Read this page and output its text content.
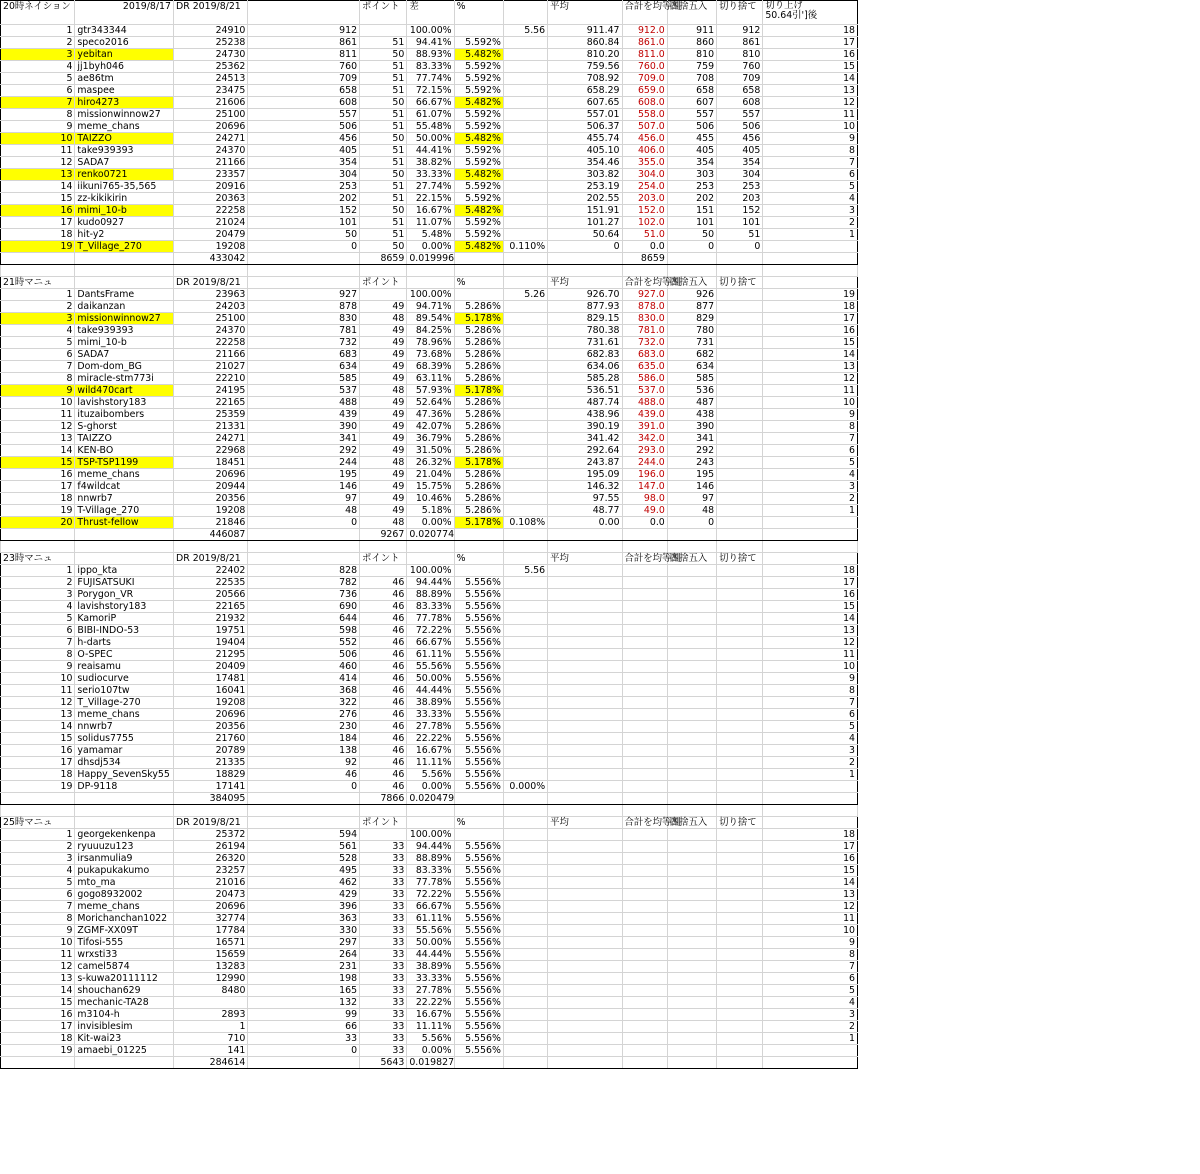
20時ネイション	2019/8/17	DR 2019/8/21		ポイント	差	%		平均	合計を均等割	四捨五入	切り捨て	切り上げ
50.64引']後
1	gtr343344	24910	912		100.00%		5.56	911.47	912.0	911	912	18
2	speco2016	25238	861	51	94.41%	5.592%		860.84	861.0	860	861	17
3	yebitan	24730	811	50	88.93%	5.482%		810.20	811.0	810	810	16
4	jj1byh046	25362	760	51	83.33%	5.592%		759.56	760.0	759	760	15
5	ae86tm	24513	709	51	77.74%	5.592%		708.92	709.0	708	709	14
6	maspee	23475	658	51	72.15%	5.592%		658.29	659.0	658	658	13
7	hiro4273	21606	608	50	66.67%	5.482%		607.65	608.0	607	608	12
8	missionwinnow27	25100	557	51	61.07%	5.592%		557.01	558.0	557	557	11
9	meme_chans	20696	506	51	55.48%	5.592%		506.37	507.0	506	506	10
10	TAIZZO	24271	456	50	50.00%	5.482%		455.74	456.0	455	456	9
11	take939393	24370	405	51	44.41%	5.592%		405.10	406.0	405	405	8
12	SADA7	21166	354	51	38.82%	5.592%		354.46	355.0	354	354	7
13	renko0721	23357	304	50	33.33%	5.482%		303.82	304.0	303	304	6
14	iikuni765-35,565	20916	253	51	27.74%	5.592%		253.19	254.0	253	253	5
15	zz-kikikirin	20363	202	51	22.15%	5.592%		202.55	203.0	202	203	4
16	mimi_10-b	22258	152	50	16.67%	5.482%		151.91	152.0	151	152	3
17	kudo0927	21024	101	51	11.07%	5.592%		101.27	102.0	101	101	2
18	hit-y2	20479	50	51	5.48%	5.592%		50.64	51.0	50	51	1
19	T_Village_270	19208	0	50	0.00%	5.482%	0.110%	0	0.0	0	0	
		433042		8659	0.019996				8659			

21時マニュ		DR 2019/8/21		ポイント		%		平均	合計を均等割	四捨五入	切り捨て	
1	DantsFrame	23963	927		100.00%		5.26	926.70	927.0	926		19
2	daikanzan	24203	878	49	94.71%	5.286%		877.93	878.0	877		18
3	missionwinnow27	25100	830	48	89.54%	5.178%		829.15	830.0	829		17
4	take939393	24370	781	49	84.25%	5.286%		780.38	781.0	780		16
5	mimi_10-b	22258	732	49	78.96%	5.286%		731.61	732.0	731		15
6	SADA7	21166	683	49	73.68%	5.286%		682.83	683.0	682		14
7	Dom-dom_BG	21027	634	49	68.39%	5.286%		634.06	635.0	634		13
8	miracle-stm773i	22210	585	49	63.11%	5.286%		585.28	586.0	585		12
9	wild470cart	24195	537	48	57.93%	5.178%		536.51	537.0	536		11
10	lavishstory183	22165	488	49	52.64%	5.286%		487.74	488.0	487		10
11	ituzaibombers	25359	439	49	47.36%	5.286%		438.96	439.0	438		9
12	S-ghorst	21331	390	49	42.07%	5.286%		390.19	391.0	390		8
13	TAIZZO	24271	341	49	36.79%	5.286%		341.42	342.0	341		7
14	KEN-BO	22968	292	49	31.50%	5.286%		292.64	293.0	292		6
15	TSP-TSP1199	18451	244	48	26.32%	5.178%		243.87	244.0	243		5
16	meme_chans	20696	195	49	21.04%	5.286%		195.09	196.0	195		4
17	f4wildcat	20944	146	49	15.75%	5.286%		146.32	147.0	146		3
18	nnwrb7	20356	97	49	10.46%	5.286%		97.55	98.0	97		2
19	T-Village_270	19208	48	49	5.18%	5.286%		48.77	49.0	48		1
20	Thrust-fellow	21846	0	48	0.00%	5.178%	0.108%	0.00	0.0	0		
		446087		9267	0.020774							

23時マニュ		DR 2019/8/21		ポイント		%		平均	合計を均等割	四捨五入	切り捨て	
1	ippo_kta	22402	828		100.00%		5.56					18
2	FUJISATSUKI	22535	782	46	94.44%	5.556%						17
3	Porygon_VR	20566	736	46	88.89%	5.556%						16
4	lavishstory183	22165	690	46	83.33%	5.556%						15
5	KamoriP	21932	644	46	77.78%	5.556%						14
6	BIBI-INDO-53	19751	598	46	72.22%	5.556%						13
7	h-darts	19404	552	46	66.67%	5.556%						12
8	O-SPEC	21295	506	46	61.11%	5.556%						11
9	reaisamu	20409	460	46	55.56%	5.556%						10
10	sudiocurve	17481	414	46	50.00%	5.556%						9
11	serio107tw	16041	368	46	44.44%	5.556%						8
12	T_Village-270	19208	322	46	38.89%	5.556%						7
13	meme_chans	20696	276	46	33.33%	5.556%						6
14	nnwrb7	20356	230	46	27.78%	5.556%						5
15	solidus7755	21760	184	46	22.22%	5.556%						4
16	yamamar	20789	138	46	16.67%	5.556%						3
17	dhsdj534	21335	92	46	11.11%	5.556%						2
18	Happy_SevenSky55	18829	46	46	5.56%	5.556%						1
19	DP-9118	17141	0	46	0.00%	5.556%	0.000%					
		384095		7866	0.020479							

25時マニュ		DR 2019/8/21		ポイント		%		平均	合計を均等割	四捨五入	切り捨て	
1	georgekenkenpa	25372	594		100.00%							18
2	ryuuuzu123	26194	561	33	94.44%	5.556%						17
3	irsanmulia9	26320	528	33	88.89%	5.556%						16
4	pukapukakumo	23257	495	33	83.33%	5.556%						15
5	mto_ma	21016	462	33	77.78%	5.556%						14
6	gogo8932002	20473	429	33	72.22%	5.556%						13
7	meme_chans	20696	396	33	66.67%	5.556%						12
8	Morichanchan1022	32774	363	33	61.11%	5.556%						11
9	ZGMF-XX09T	17784	330	33	55.56%	5.556%						10
10	Tifosi-555	16571	297	33	50.00%	5.556%						9
11	wrxsti33	15659	264	33	44.44%	5.556%						8
12	camel5874	13283	231	33	38.89%	5.556%						7
13	s-kuwa20111112	12990	198	33	33.33%	5.556%						6
14	shouchan629	8480	165	33	27.78%	5.556%						5
15	mechanic-TA28		132	33	22.22%	5.556%						4
16	m3104-h	2893	99	33	16.67%	5.556%						3
17	invisiblesim	1	66	33	11.11%	5.556%						2
18	Kit-wai23	710	33	33	5.56%	5.556%						1
19	amaebi_01225	141	0	33	0.00%	5.556%						
		284614		5643	0.019827							
